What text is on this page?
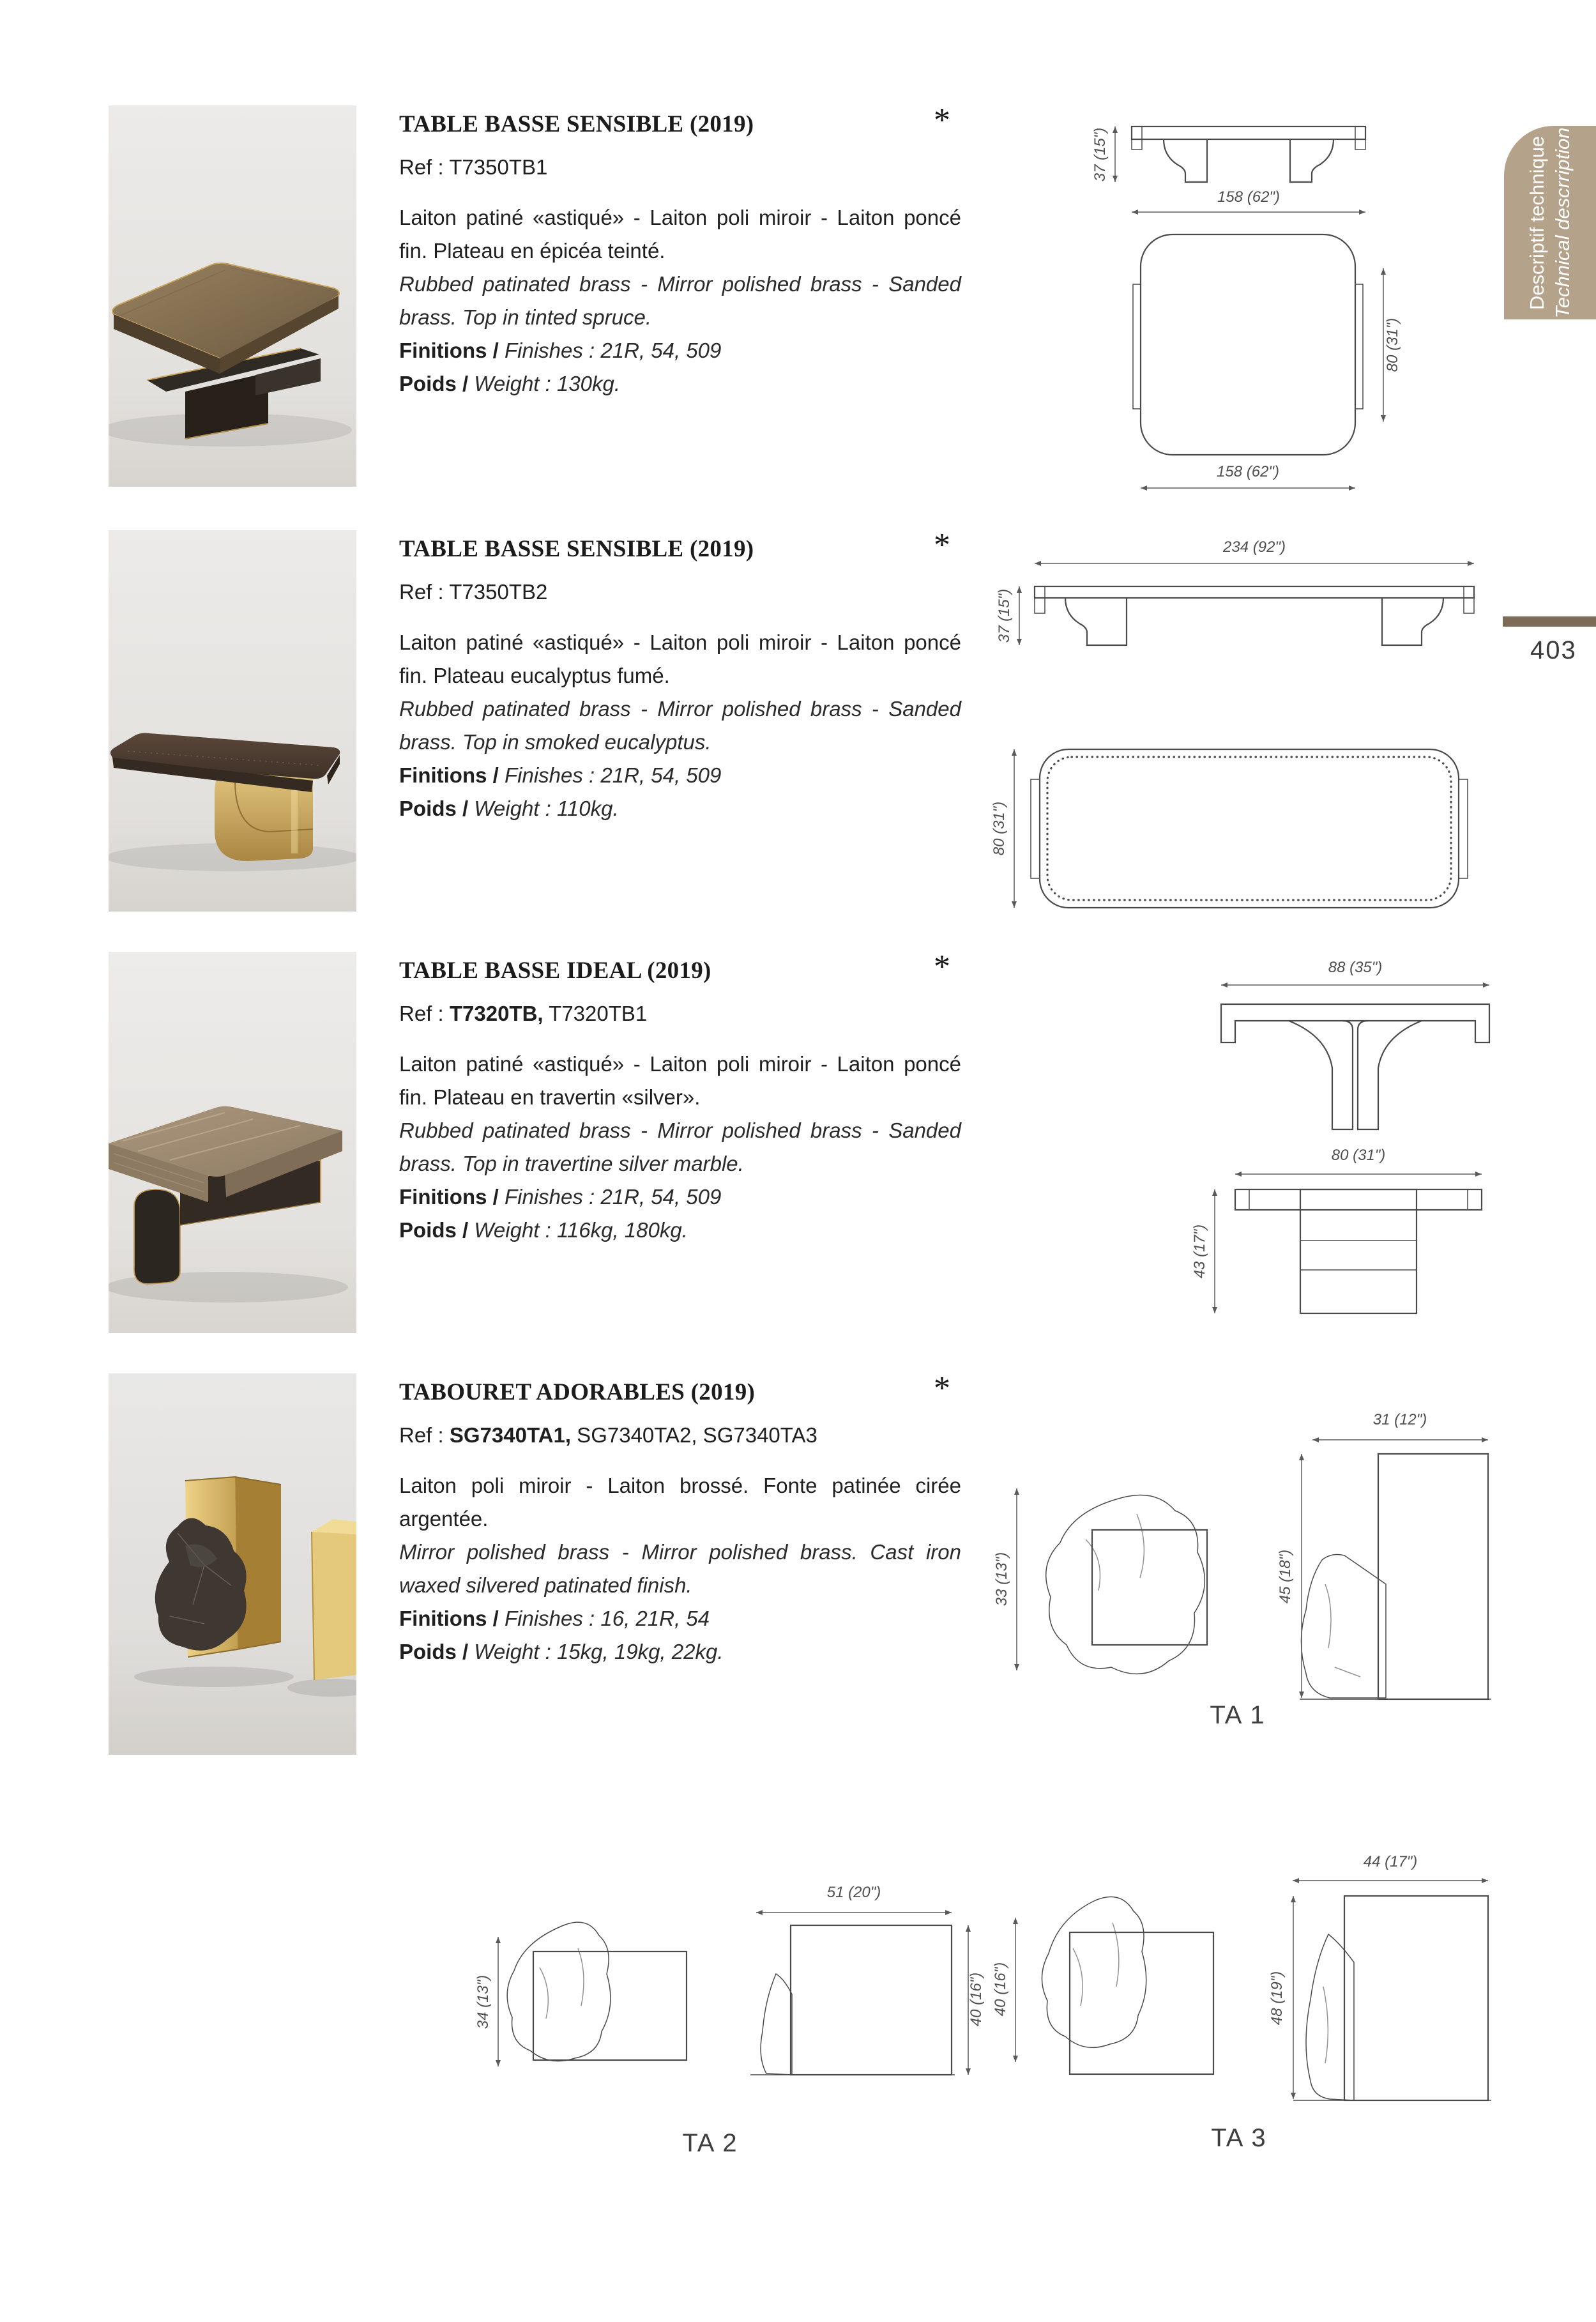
TABLE BASSE SENSIBLE (2019)	*
Ref : T7350TB1
Laiton patiné «astiqué» - Laiton poli miroir - Laiton poncé fin. Plateau en épicéa teinté.
Rubbed patinated brass - Mirror polished brass - Sanded brass. Top in tinted spruce.
Finitions / Finishes : 21R, 54, 509
Poids / Weight : 130kg.
37 (15")
158 (62")
80 (31")
158 (62")
TABLE BASSE SENSIBLE (2019)	*
Ref : T7350TB2
Laiton patiné «astiqué» - Laiton poli miroir - Laiton poncé fin. Plateau eucalyptus fumé.
Rubbed patinated brass - Mirror polished brass - Sanded brass. Top in smoked eucalyptus.
Finitions / Finishes : 21R, 54, 509
Poids / Weight : 110kg.
234 (92")
37 (15")
80 (31")
TABLE BASSE IDEAL (2019)	*
Ref : T7320TB, T7320TB1
Laiton patiné «astiqué» - Laiton poli miroir - Laiton poncé fin. Plateau en travertin «silver».
Rubbed patinated brass - Mirror polished brass - Sanded brass. Top in travertine silver marble.
Finitions / Finishes : 21R, 54, 509
Poids / Weight : 116kg, 180kg.
88 (35")
80 (31")
43 (17")
TABOURET ADORABLES (2019)	*
Ref : SG7340TA1, SG7340TA2, SG7340TA3
Laiton poli miroir - Laiton brossé. Fonte patinée cirée argentée.
Mirror polished brass - Mirror polished brass. Cast iron waxed silvered patinated finish.
Finitions / Finishes : 16, 21R, 54
Poids / Weight : 15kg, 19kg, 22kg.
33 (13")
31 (12")
45 (18")
TA 1
34 (13")
51 (20")
40 (16")
TA 2
44 (17")
40 (16")	48 (19")
TA 3
Descriptif technique Technical descrription
403
